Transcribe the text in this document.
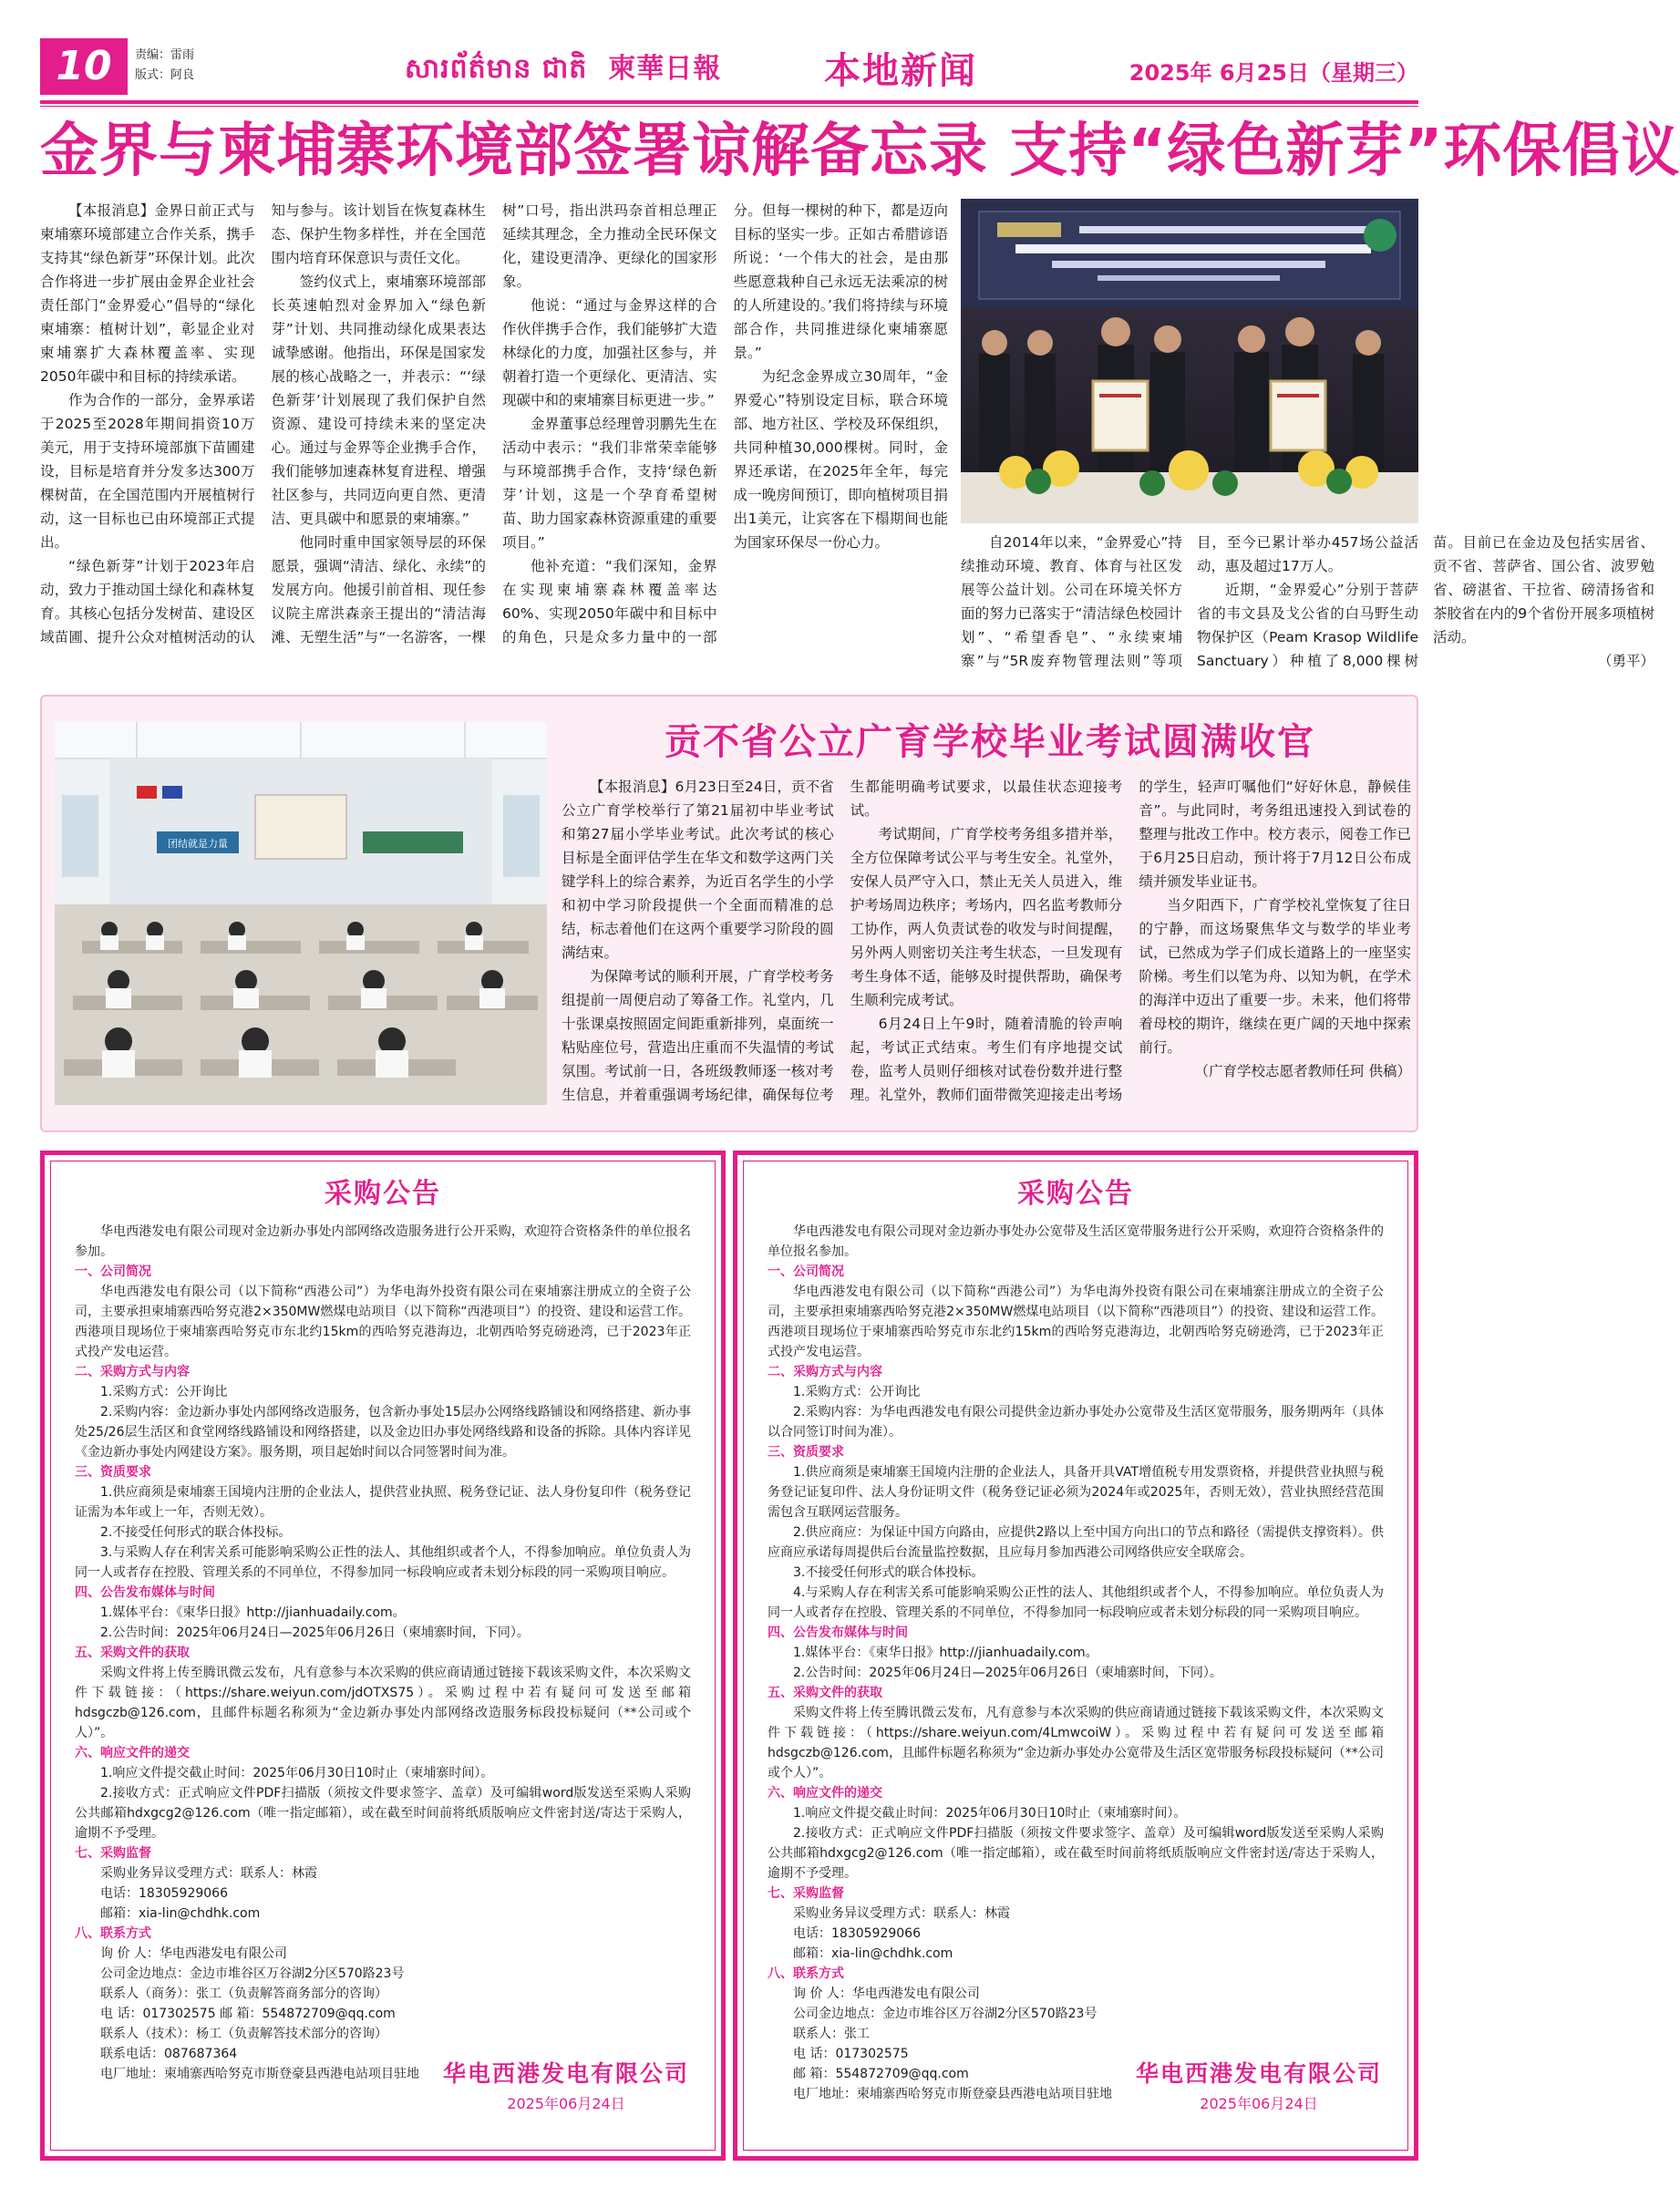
10	责编：雷雨
版式：阿良	សារព័ត៌មាន ជាតិ ​ 柬華日報	本地新闻	2025年 6月25日（星期三）
金界与柬埔寨环境部签署谅解备忘录 支持“绿色新芽”环保倡议

【本报消息】金界日前正式与柬埔寨环境部建立合作关系，携手支持其“绿色新芽”环保计划。此次合作将进一步扩展由金界企业社会责任部门“金界爱心”倡导的“绿化柬埔寨：植树计划”，彰显企业对柬埔寨扩大森林覆盖率、实现2050年碳中和目标的持续承诺。

作为合作的一部分，金界承诺于2025至2028年期间捐资10万美元，用于支持环境部旗下苗圃建设，目标是培育并分发多达300万棵树苗，在全国范围内开展植树行动，这一目标也已由环境部正式提出。

“绿色新芽”计划于2023年启动，致力于推动国土绿化和森林复育。其核心包括分发树苗、建设区域苗圃、提升公众对植树活动的认知与参与。该计划旨在恢复森林生态、保护生物多样性，并在全国范围内培育环保意识与责任文化。

签约仪式上，柬埔寨环境部部长英速帕烈对金界加入“绿色新芽”计划、共同推动绿化成果表达诚挚感谢。他指出，环保是国家发展的核心战略之一，并表示：“‘绿色新芽’计划展现了我们保护自然资源、建设可持续未来的坚定决心。通过与金界等企业携手合作，我们能够加速森林复育进程、增强社区参与，共同迈向更自然、更清洁、更具碳中和愿景的柬埔寨。”

他同时重申国家领导层的环保愿景，强调“清洁、绿化、永续”的发展方向。他援引前首相、现任参议院主席洪森亲王提出的“清洁海滩、无塑生活”与“一名游客，一棵树”口号，指出洪玛奈首相总理正延续其理念，全力推动全民环保文化，建设更清净、更绿化的国家形象。

他说：“通过与金界这样的合作伙伴携手合作，我们能够扩大造林绿化的力度，加强社区参与，并朝着打造一个更绿化、更清洁、实现碳中和的柬埔寨目标更进一步。”

金界董事总经理曾羽鹏先生在活动中表示：“我们非常荣幸能够与环境部携手合作，支持‘绿色新芽’计划，这是一个孕育希望树苗、助力国家森林资源重建的重要项目。”

他补充道：“我们深知，金界在实现柬埔寨森林覆盖率达60%、实现2050年碳中和目标中的角色，只是众多力量中的一部分。但每一棵树的种下，都是迈向目标的坚实一步。正如古希腊谚语所说：‘一个伟大的社会，是由那些愿意栽种自己永远无法乘凉的树的人所建设的。’我们将持续与环境部合作，共同推进绿化柬埔寨愿景。”

为纪念金界成立30周年，“金界爱心”特别设定目标，联合环境部、地方社区、学校及环保组织，共同种植30,000棵树。同时，金界还承诺，在2025年全年，每完成一晚房间预订，即向植树项目捐出1美元，让宾客在下榻期间也能为国家环保尽一份心力。	自2014年以来，“金界爱心”持续推动环境、教育、体育与社区发展等公益计划。公司在环境关怀方面的努力已落实于“清洁绿色校园计划”、“希望香皂”、“永续柬埔寨”与“5R废弃物管理法则”等项目，至今已累计举办457场公益活动，惠及超过17万人。

近期，“金界爱心”分别于菩萨省的韦文县及戈公省的白马野生动物保护区（Peam Krasop Wildlife Sanctuary）种植了8,000棵树苗。目前已在金边及包括实居省、贡不省、菩萨省、国公省、波罗勉省、磅湛省、干拉省、磅清扬省和茶胶省在内的9个省份开展多项植树活动。

（勇平）

团结就是力量
贡不省公立广育学校毕业考试圆满收官

【本报消息】6月23日至24日，贡不省公立广育学校举行了第21届初中毕业考试和第27届小学毕业考试。此次考试的核心目标是全面评估学生在华文和数学这两门关键学科上的综合素养，为近百名学生的小学和初中学习阶段提供一个全面而精准的总结，标志着他们在这两个重要学习阶段的圆满结束。

为保障考试的顺利开展，广育学校考务组提前一周便启动了筹备工作。礼堂内，几十张课桌按照固定间距重新排列，桌面统一粘贴座位号，营造出庄重而不失温情的考试氛围。考试前一日，各班级教师逐一核对考生信息，并着重强调考场纪律，确保每位考生都能明确考试要求，以最佳状态迎接考试。

考试期间，广育学校考务组多措并举，全方位保障考试公平与考生安全。礼堂外，安保人员严守入口，禁止无关人员进入，维护考场周边秩序；考场内，四名监考教师分工协作，两人负责试卷的收发与时间提醒，另外两人则密切关注考生状态，一旦发现有考生身体不适，能够及时提供帮助，确保考生顺利完成考试。

6月24日上午9时，随着清脆的铃声响起，考试正式结束。考生们有序地提交试卷，监考人员则仔细核对试卷份数并进行整理。礼堂外，教师们面带微笑迎接走出考场的学生，轻声叮嘱他们“好好休息，静候佳音”。与此同时，考务组迅速投入到试卷的整理与批改工作中。校方表示，阅卷工作已于6月25日启动，预计将于7月12日公布成绩并颁发毕业证书。

当夕阳西下，广育学校礼堂恢复了往日的宁静，而这场聚焦华文与数学的毕业考试，已然成为学子们成长道路上的一座坚实阶梯。考生们以笔为舟、以知为帆，在学术的海洋中迈出了重要一步。未来，他们将带着母校的期许，继续在更广阔的天地中探索前行。

（广育学校志愿者教师任珂 供稿）

采购公告
华电西港发电有限公司现对金边新办事处内部网络改造服务进行公开采购，欢迎符合资格条件的单位报名参加。
一、公司简况
华电西港发电有限公司（以下简称“西港公司”）为华电海外投资有限公司在柬埔寨注册成立的全资子公司，主要承担柬埔寨西哈努克港2×350MW燃煤电站项目（以下简称“西港项目”）的投资、建设和运营工作。西港项目现场位于柬埔寨西哈努克市东北约15km的西哈努克港海边，北朝西哈努克磅逊湾，已于2023年正式投产发电运营。
二、采购方式与内容
1.采购方式：公开询比
2.采购内容：金边新办事处内部网络改造服务，包含新办事处15层办公网络线路铺设和网络搭建、新办事处25/26层生活区和食堂网络线路铺设和网络搭建，以及金边旧办事处网络线路和设备的拆除。具体内容详见《金边新办事处内网建设方案》。服务期，项目起始时间以合同签署时间为准。
三、资质要求
1.供应商须是柬埔寨王国境内注册的企业法人，提供营业执照、税务登记证、法人身份复印件（税务登记证需为本年或上一年，否则无效）。
2.不接受任何形式的联合体投标。
3.与采购人存在利害关系可能影响采购公正性的法人、其他组织或者个人，不得参加响应。单位负责人为同一人或者存在控股、管理关系的不同单位，不得参加同一标段响应或者未划分标段的同一采购项目响应。
四、公告发布媒体与时间
1.媒体平台：《柬华日报》http://jianhuadaily.com。
2.公告时间：2025年06月24日—2025年06月26日（柬埔寨时间，下同）。
五、采购文件的获取
采购文件将上传至腾讯微云发布，凡有意参与本次采购的供应商请通过链接下载该采购文件，本次采购文件下载链接：（https://share.weiyun.com/jdOTXS75）。采购过程中若有疑问可发送至邮箱hdsgczb@126.com，且邮件标题名称须为“金边新办事处内部网络改造服务标段投标疑问（**公司或个人）”。
六、响应文件的递交
1.响应文件提交截止时间：2025年06月30日10时止（柬埔寨时间）。
2.接收方式：正式响应文件PDF扫描版（须按文件要求签字、盖章）及可编辑word版发送至采购人采购公共邮箱hdxgcg2@126.com（唯一指定邮箱），或在截至时间前将纸质版响应文件密封送/寄达于采购人，逾期不予受理。
七、采购监督
采购业务异议受理方式：联系人：林霞
电话：18305929066
邮箱：xia-lin@chdhk.com
八、联系方式
询 价 人：华电西港发电有限公司
公司金边地点：金边市堆谷区万谷湖2分区570路23号
联系人（商务）：张工（负责解答商务部分的咨询）
电 话：017302575 邮 箱：554872709@qq.com
联系人（技术）：杨工（负责解答技术部分的咨询）
联系电话：087687364
电厂地址：柬埔寨西哈努克市斯登豪县西港电站项目驻地	华电西港发电有限公司
2025年06月24日
采购公告
华电西港发电有限公司现对金边新办事处办公宽带及生活区宽带服务进行公开采购，欢迎符合资格条件的单位报名参加。
一、公司简况
华电西港发电有限公司（以下简称“西港公司”）为华电海外投资有限公司在柬埔寨注册成立的全资子公司，主要承担柬埔寨西哈努克港2×350MW燃煤电站项目（以下简称“西港项目”）的投资、建设和运营工作。西港项目现场位于柬埔寨西哈努克市东北约15km的西哈努克港海边，北朝西哈努克磅逊湾，已于2023年正式投产发电运营。
二、采购方式与内容
1.采购方式：公开询比
2.采购内容：为华电西港发电有限公司提供金边新办事处办公宽带及生活区宽带服务，服务期两年（具体以合同签订时间为准）。
三、资质要求
1.供应商须是柬埔寨王国境内注册的企业法人，具备开具VAT增值税专用发票资格，并提供营业执照与税务登记证复印件、法人身份证明文件（税务登记证必须为2024年或2025年，否则无效），营业执照经营范围需包含互联网运营服务。
2.供应商应：为保证中国方向路由，应提供2路以上至中国方向出口的节点和路径（需提供支撑资料）。供应商应承诺每周提供后台流量监控数据，且应每月参加西港公司网络供应安全联席会。
3.不接受任何形式的联合体投标。
4.与采购人存在利害关系可能影响采购公正性的法人、其他组织或者个人，不得参加响应。单位负责人为同一人或者存在控股、管理关系的不同单位，不得参加同一标段响应或者未划分标段的同一采购项目响应。
四、公告发布媒体与时间
1.媒体平台：《柬华日报》http://jianhuadaily.com。
2.公告时间：2025年06月24日—2025年06月26日（柬埔寨时间，下同）。
五、采购文件的获取
采购文件将上传至腾讯微云发布，凡有意参与本次采购的供应商请通过链接下载该采购文件，本次采购文件下载链接：（https://share.weiyun.com/4LmwcoiW）。采购过程中若有疑问可发送至邮箱hdsgczb@126.com，且邮件标题名称须为“金边新办事处办公宽带及生活区宽带服务标段投标疑问（**公司或个人）”。
六、响应文件的递交
1.响应文件提交截止时间：2025年06月30日10时止（柬埔寨时间）。
2.接收方式：正式响应文件PDF扫描版（须按文件要求签字、盖章）及可编辑word版发送至采购人采购公共邮箱hdxgcg2@126.com（唯一指定邮箱），或在截至时间前将纸质版响应文件密封送/寄达于采购人，逾期不予受理。
七、采购监督
采购业务异议受理方式：联系人：林霞
电话：18305929066
邮箱：xia-lin@chdhk.com
八、联系方式
询 价 人：华电西港发电有限公司
公司金边地点：金边市堆谷区万谷湖2分区570路23号
联系人：张工
电 话：017302575
邮 箱：554872709@qq.com
电厂地址：柬埔寨西哈努克市斯登豪县西港电站项目驻地
华电西港发电有限公司
2025年06月24日
